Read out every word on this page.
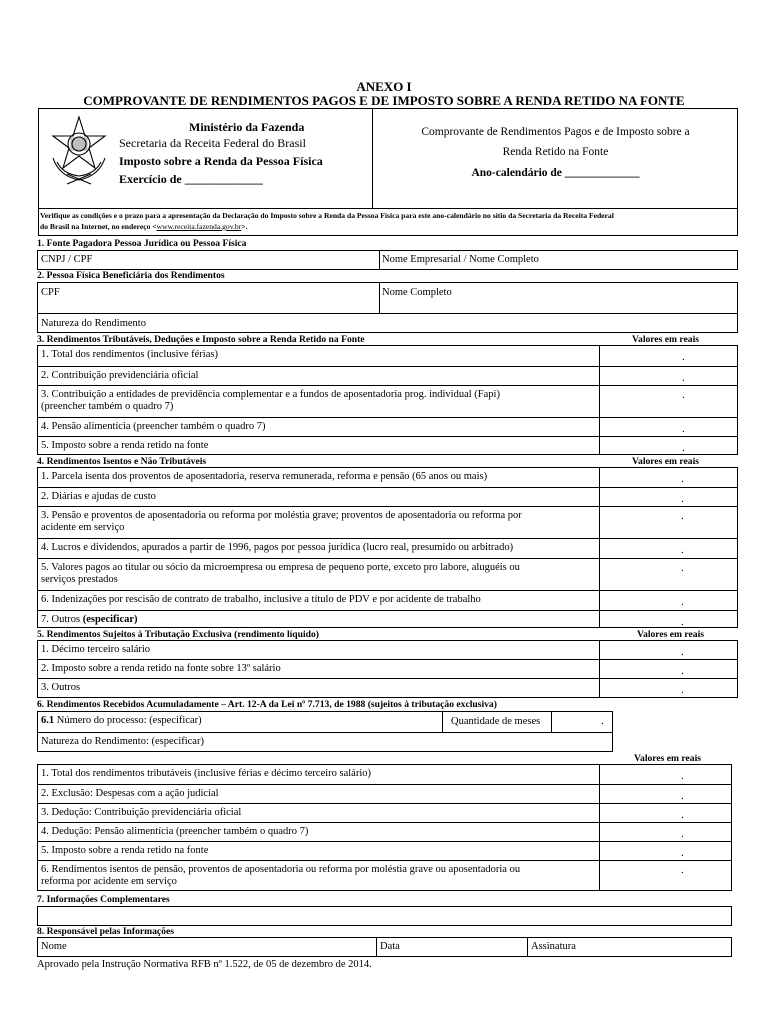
ANEXO I
COMPROVANTE DE RENDIMENTOS PAGOS E DE IMPOSTO SOBRE A RENDA RETIDO NA FONTE
Ministério da Fazenda
Secretaria da Receita Federal do Brasil
Imposto sobre a Renda da Pessoa Física
Exercício de _____________
Comprovante de Rendimentos Pagos e de Imposto sobre a
Renda Retido na Fonte
Ano-calendário de _____________
Verifique as condições e o prazo para a apresentação da Declaração do Imposto sobre a Renda da Pessoa Física para este ano-calendário no sítio da Secretaria da Receita Federal
do Brasil na Internet, no endereço <www.receita.fazenda.gov.br>.
1. Fonte Pagadora Pessoa Jurídica ou Pessoa Física
CNPJ / CPF	Nome Empresarial / Nome Completo
2. Pessoa Física Beneficiária dos Rendimentos
CPF	Nome Completo
Natureza do Rendimento
3. Rendimentos Tributáveis, Deduções e Imposto sobre a Renda Retido na Fonte	Valores em reais
1. Total dos rendimentos (inclusive férias)	.
2. Contribuição previdenciária oficial	.
3. Contribuição a entidades de previdência complementar e a fundos de aposentadoria prog. individual (Fapi)
(preencher também o quadro 7)
.
4. Pensão alimentícia (preencher também o quadro 7)	.
5. Imposto sobre a renda retido na fonte	.
4. Rendimentos Isentos e Não Tributáveis	Valores em reais
1. Parcela isenta dos proventos de aposentadoria, reserva remunerada, reforma e pensão (65 anos ou mais)	.
2. Diárias e ajudas de custo	.
3. Pensão e proventos de aposentadoria ou reforma por moléstia grave; proventos de aposentadoria ou reforma por
acidente em serviço
.
4. Lucros e dividendos, apurados a partir de 1996, pagos por pessoa jurídica (lucro real, presumido ou arbitrado)	.
5. Valores pagos ao titular ou sócio da microempresa ou empresa de pequeno porte, exceto pro labore, aluguéis ou
serviços prestados
.
6. Indenizações por rescisão de contrato de trabalho, inclusive a título de PDV e por acidente de trabalho	.
7. Outros (especificar)	.
5. Rendimentos Sujeitos à Tributação Exclusiva (rendimento líquido)	Valores em reais
1. Décimo terceiro salário	.
2. Imposto sobre a renda retido na fonte sobre 13º salário	.
3. Outros	.
6. Rendimentos Recebidos Acumuladamente – Art. 12-A da Lei nº 7.713, de 1988 (sujeitos à tributação exclusiva)
6.1 Número do processo: (especificar)	Quantidade de meses	.
Natureza do Rendimento: (especificar)
Valores em reais
1. Total dos rendimentos tributáveis (inclusive férias e décimo terceiro salário)	.
2. Exclusão: Despesas com a ação judicial	.
3. Dedução: Contribuição previdenciária oficial	.
4. Dedução: Pensão alimentícia (preencher também o quadro 7)	.
5. Imposto sobre a renda retido na fonte	.
6. Rendimentos isentos de pensão, proventos de aposentadoria ou reforma por moléstia grave ou aposentadoria ou
reforma por acidente em serviço
.
7. Informações Complementares
8. Responsável pelas Informações
Nome	Data	Assinatura
Aprovado pela Instrução Normativa RFB nº 1.522, de 05 de dezembro de 2014.
